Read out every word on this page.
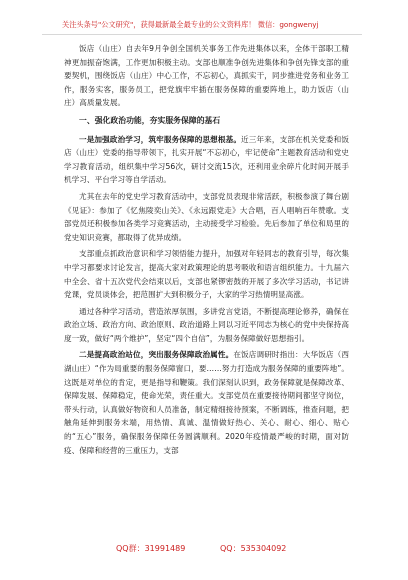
关注头条号"公文研究"，获得最新最全最专业的公文资料库！ 微信：gongwenyj

饭店（山庄）自去年9月争创全国机关事务工作先进集体以来，全体干部职工精神更加振奋饱满，工作更加积极主动。支部也顺准争创先进集体和争创先锋支部的重要契机，围绕饭店（山庄）中心工作，不忘初心，真抓实干，同步推进党务和业务工作，服务实客，服务员工，把党旗牢牢插在服务保障的重要阵地上，助力饭店（山庄）高质量发展。

一、强化政治功能，夯实服务保障的基石

一是加强政治学习，筑牢服务保障的思想根基。近三年来，支部在机关党委和饭店（山庄）党委的指导带领下，扎实开展“不忘初心，牢记使命”主题教育活动和党史学习教育活动，组织集中学习56次，研讨交流15次，还利用业余碎片化时间开展手机学习、平台学习等自学活动。

尤其在去年的党史学习教育活动中，支部党员表现非常活跃，积极参演了舞台剧《见证》：参加了《忆焦陵奕山关》、《永远跟党走》大合唱，百人唱响百年赞歌。支部党员还积极参加各类学习竞赛活动，主动接受学习检验。先后参加了单位和局里的党史知识竞赛，都取得了优异成绩。

支部重点抓政治意识和学习领悟能力提升，加强对年轻同志的教育引导，每次集中学习都要求讨论发言，提高大家对政策理论的思考吸收和语言组织能力。十九届六中全会、省十五次党代会结束以后，支部也紧锣密鼓的开展了多次学习活动，书记讲党课，党员谈体会，把范围扩大到积极分子，大家的学习热情明显高涨。

通过各种学习活动，营造浓厚氛围，多讲党言党语，不断提高理论修养，确保在政治立场、政治方向、政治原则、政治道路上同以习近平同志为核心的党中央保持高度一致，做好“两个维护”，坚定“四个自信”，为服务保障做好思想指引。

二是提高政治站位，突出服务保障政治属性。在饭店调研时指出：大华饭店（西湖山庄）“作为局重要的服务保障窗口，要……努力打造成为服务保障的重要阵地”。这既是对单位的肯定，更是指导和鞭策。我们深刻认识到，政务保障就是保障改革、保障发展、保障稳定，使命光荣，责任重大。支部党员在重要接待期间都坚守岗位，带头行动，认真做好物资和人员准备，制定精细接待预案，不断调练，推查问题，把触角延伸到服务末端，用热情、真诚、温情做好热心、关心、耐心、细心、贴心的“五心”服务，确保服务保障任务圆满顺利。2020年疫情最严峻的时期，面对防疫、保障和经营的三重压力，支部

QQ群：31991489	QQ：535304092
